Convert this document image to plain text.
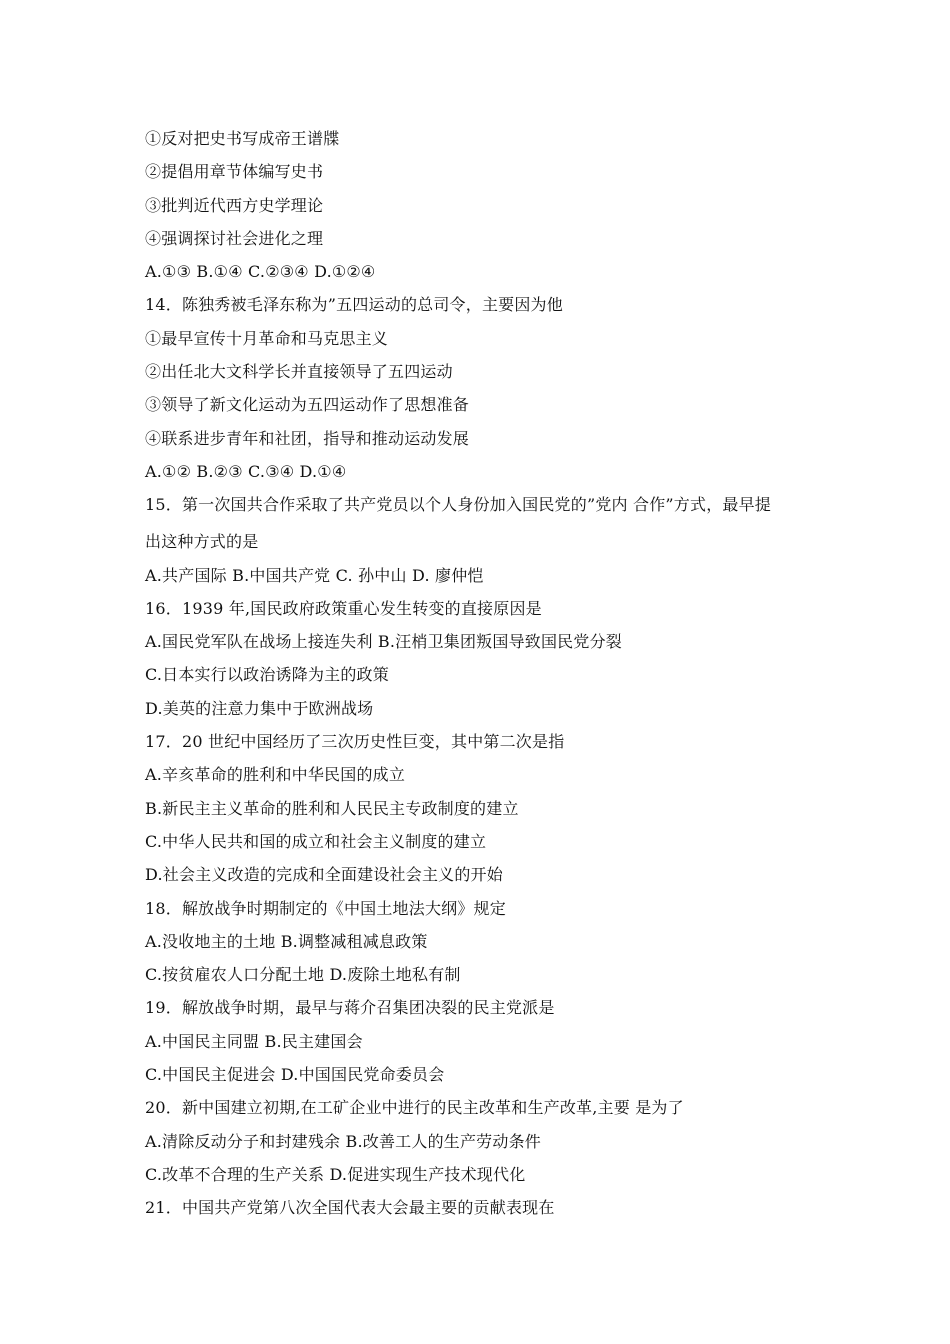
①反对把史书写成帝王谱牒
②提倡用章节体编写史书
③批判近代西方史学理论
④强调探讨社会进化之理
A.①③ B.①④ C.②③④ D.①②④
14．陈独秀被毛泽东称为”五四运动的总司令，主要因为他
①最早宣传十月革命和马克思主义
②出任北大文科学长并直接领导了五四运动
③领导了新文化运动为五四运动作了思想准备
④联系进步青年和社团，指导和推动运动发展
A.①② B.②③ C.③④ D.①④
15．第一次国共合作采取了共产党员以个人身份加入国民党的”党内 合作”方式，最早提
出这种方式的是
A.共产国际 B.中国共产党 C. 孙中山 D. 廖仲恺
16．1939 年,国民政府政策重心发生转变的直接原因是
A.国民党军队在战场上接连失利 B.汪梢卫集团叛国导致国民党分裂
C.日本实行以政治诱降为主的政策
D.美英的注意力集中于欧洲战场
17．20 世纪中国经历了三次历史性巨变，其中第二次是指
A.辛亥革命的胜利和中华民国的成立
B.新民主主义革命的胜利和人民民主专政制度的建立
C.中华人民共和国的成立和社会主义制度的建立
D.社会主义改造的完成和全面建设社会主义的开始
18．解放战争时期制定的《中国土地法大纲》规定
A.没收地主的土地 B.调整减租减息政策
C.按贫雇农人口分配土地 D.废除土地私有制
19．解放战争时期，最早与蒋介召集团决裂的民主党派是
A.中国民主同盟 B.民主建国会
C.中国民主促进会 D.中国国民党命委员会
20．新中国建立初期,在工矿企业中进行的民主改革和生产改革,主要 是为了
A.清除反动分子和封建残余 B.改善工人的生产劳动条件
C.改革不合理的生产关系 D.促进实现生产技术现代化
21．中国共产党第八次全国代表大会最主要的贡献表现在
